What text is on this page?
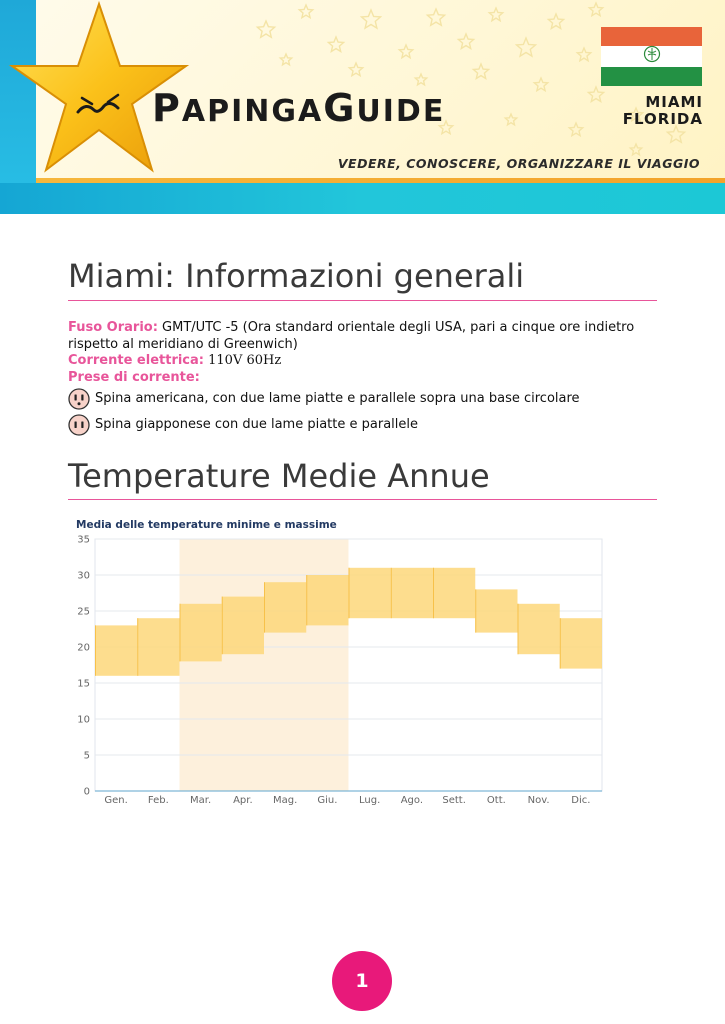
PAPINGAGUIDE	MIAMI
FLORIDA
VEDERE, CONOSCERE, ORGANIZZARE IL VIAGGIO
Miami: Informazioni generali
Fuso Orario: GMT/UTC -5 (Ora standard orientale degli USA, pari a cinque ore indietro rispetto al meridiano di Greenwich)
Corrente elettrica: 110V 60Hz
Prese di corrente:
Spina americana, con due lame piatte e parallele sopra una base circolare
Spina giapponese con due lame piatte e parallele
Temperature Medie Annue
Media delle temperature minime e massime
0
5
10
15
20
25
30
35
Gen. Feb. Mar. Apr. Mag. Giu. Lug. Ago. Sett. Ott. Nov. Dic.
1
